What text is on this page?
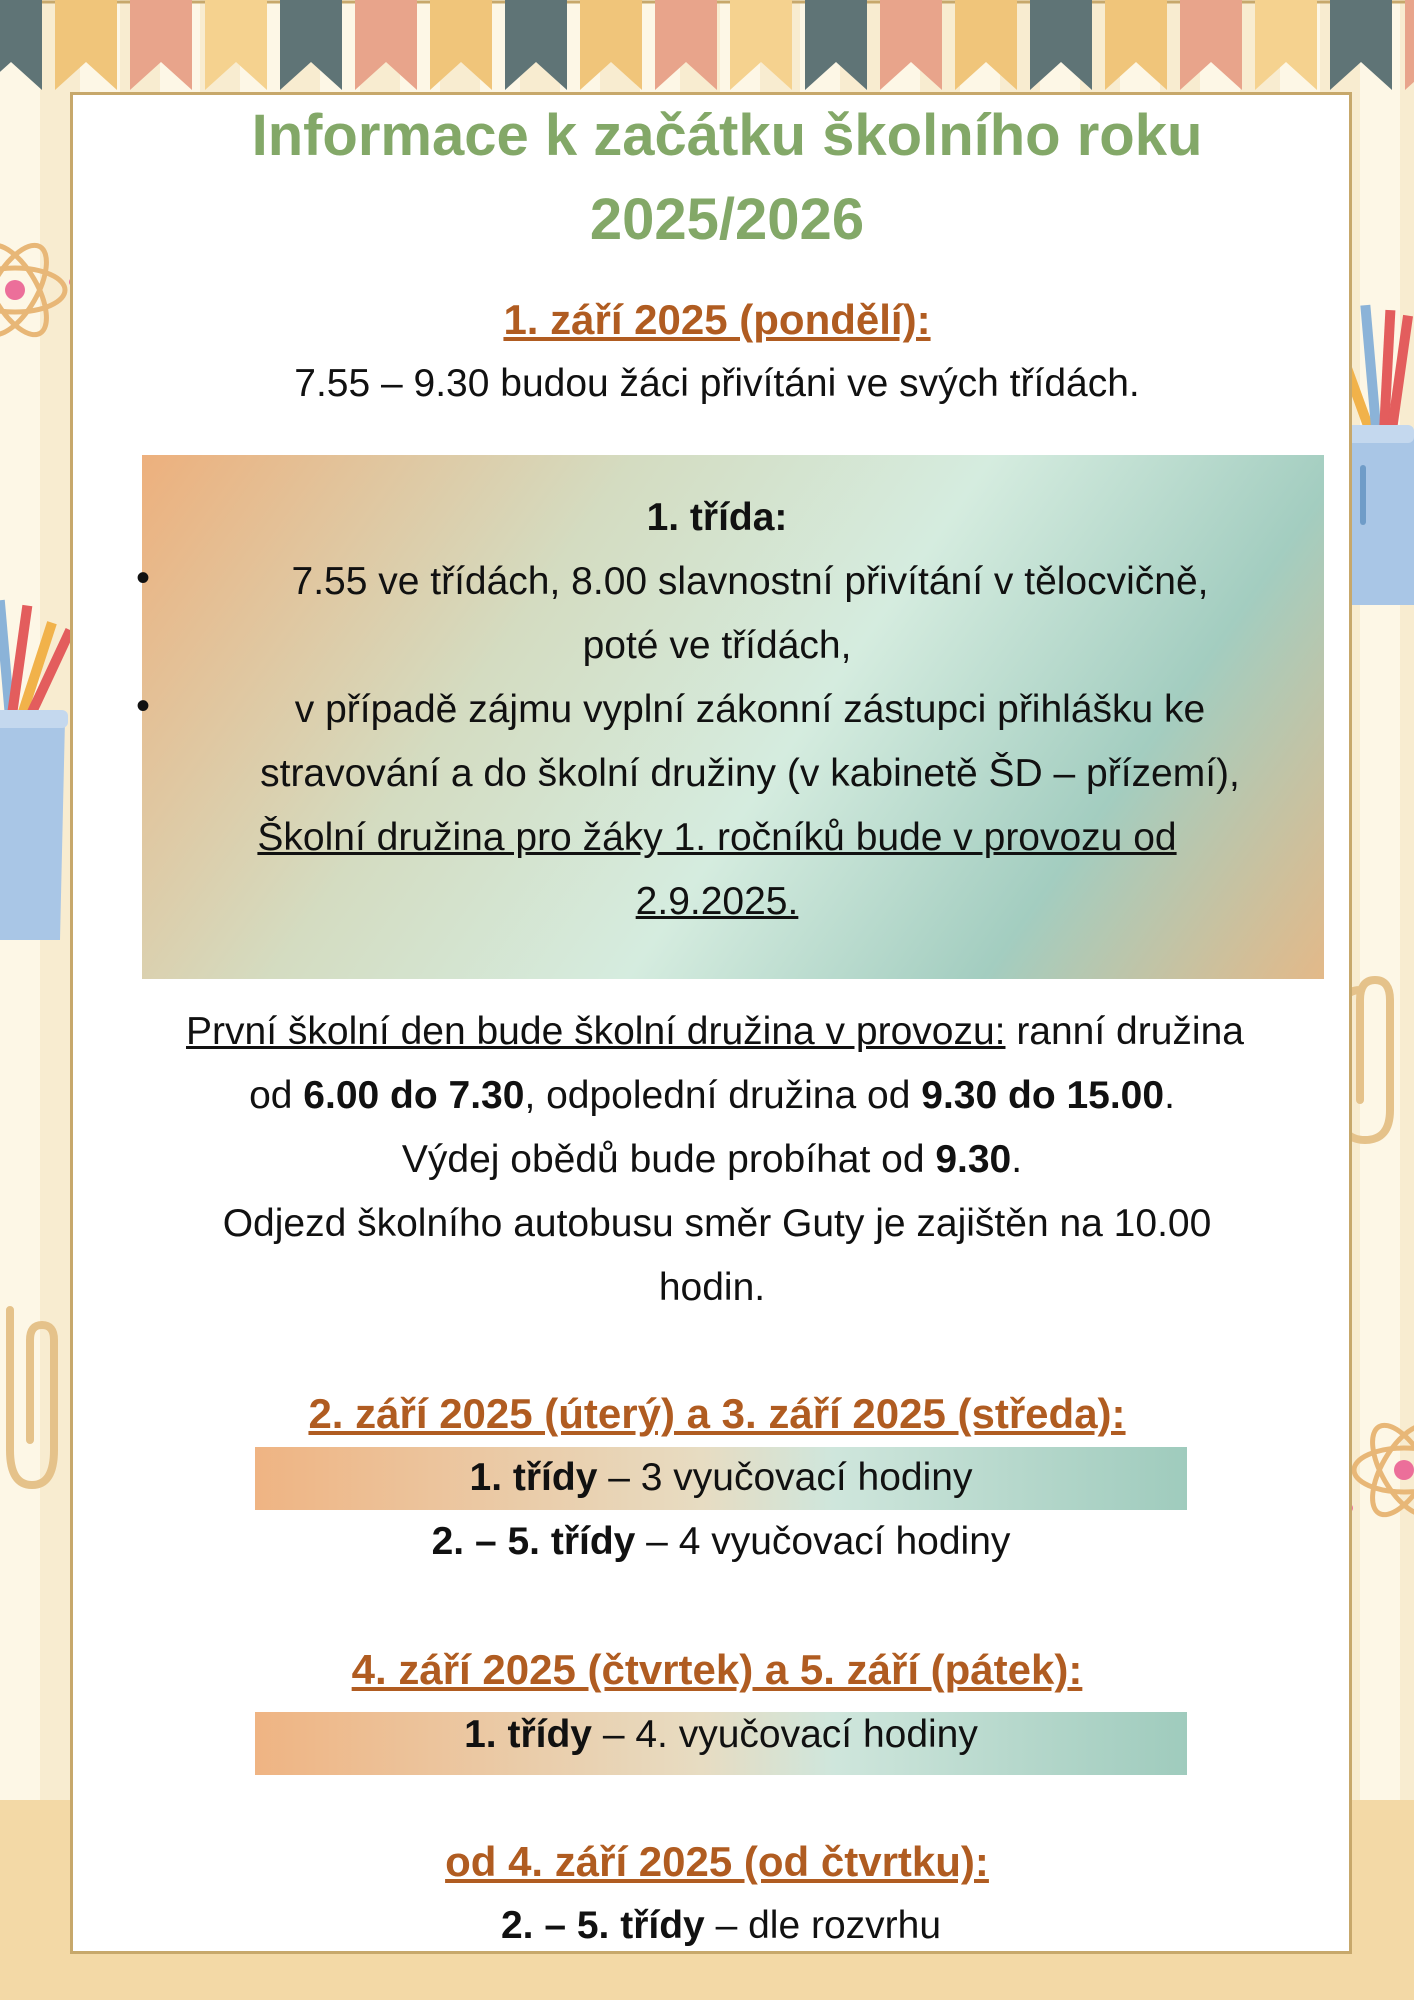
Informace k začátku školního roku
2025/2026
1. září 2025 (pondělí):
7.55 – 9.30 budou žáci přivítáni ve svých třídách.
1. třída:
•	7.55 ve třídách, 8.00 slavnostní přivítání v tělocvičně,
poté ve třídách,
•	v případě zájmu vyplní zákonní zástupci přihlášku ke
stravování a do školní družiny (v kabinetě ŠD – přízemí),
Školní družina pro žáky 1. ročníků bude v provozu od
2.9.2025.
První školní den bude školní družina v provozu: ranní družina
od 6.00 do 7.30, odpolední družina od 9.30 do 15.00.
Výdej obědů bude probíhat od 9.30.
Odjezd školního autobusu směr Guty je zajištěn na 10.00
hodin.
2. září 2025 (úterý) a 3. září 2025 (středa):
1. třídy – 3 vyučovací hodiny
2. – 5. třídy – 4 vyučovací hodiny
4. září 2025 (čtvrtek) a 5. září (pátek):
1. třídy – 4. vyučovací hodiny
od 4. září 2025 (od čtvrtku):
2. – 5. třídy – dle rozvrhu
